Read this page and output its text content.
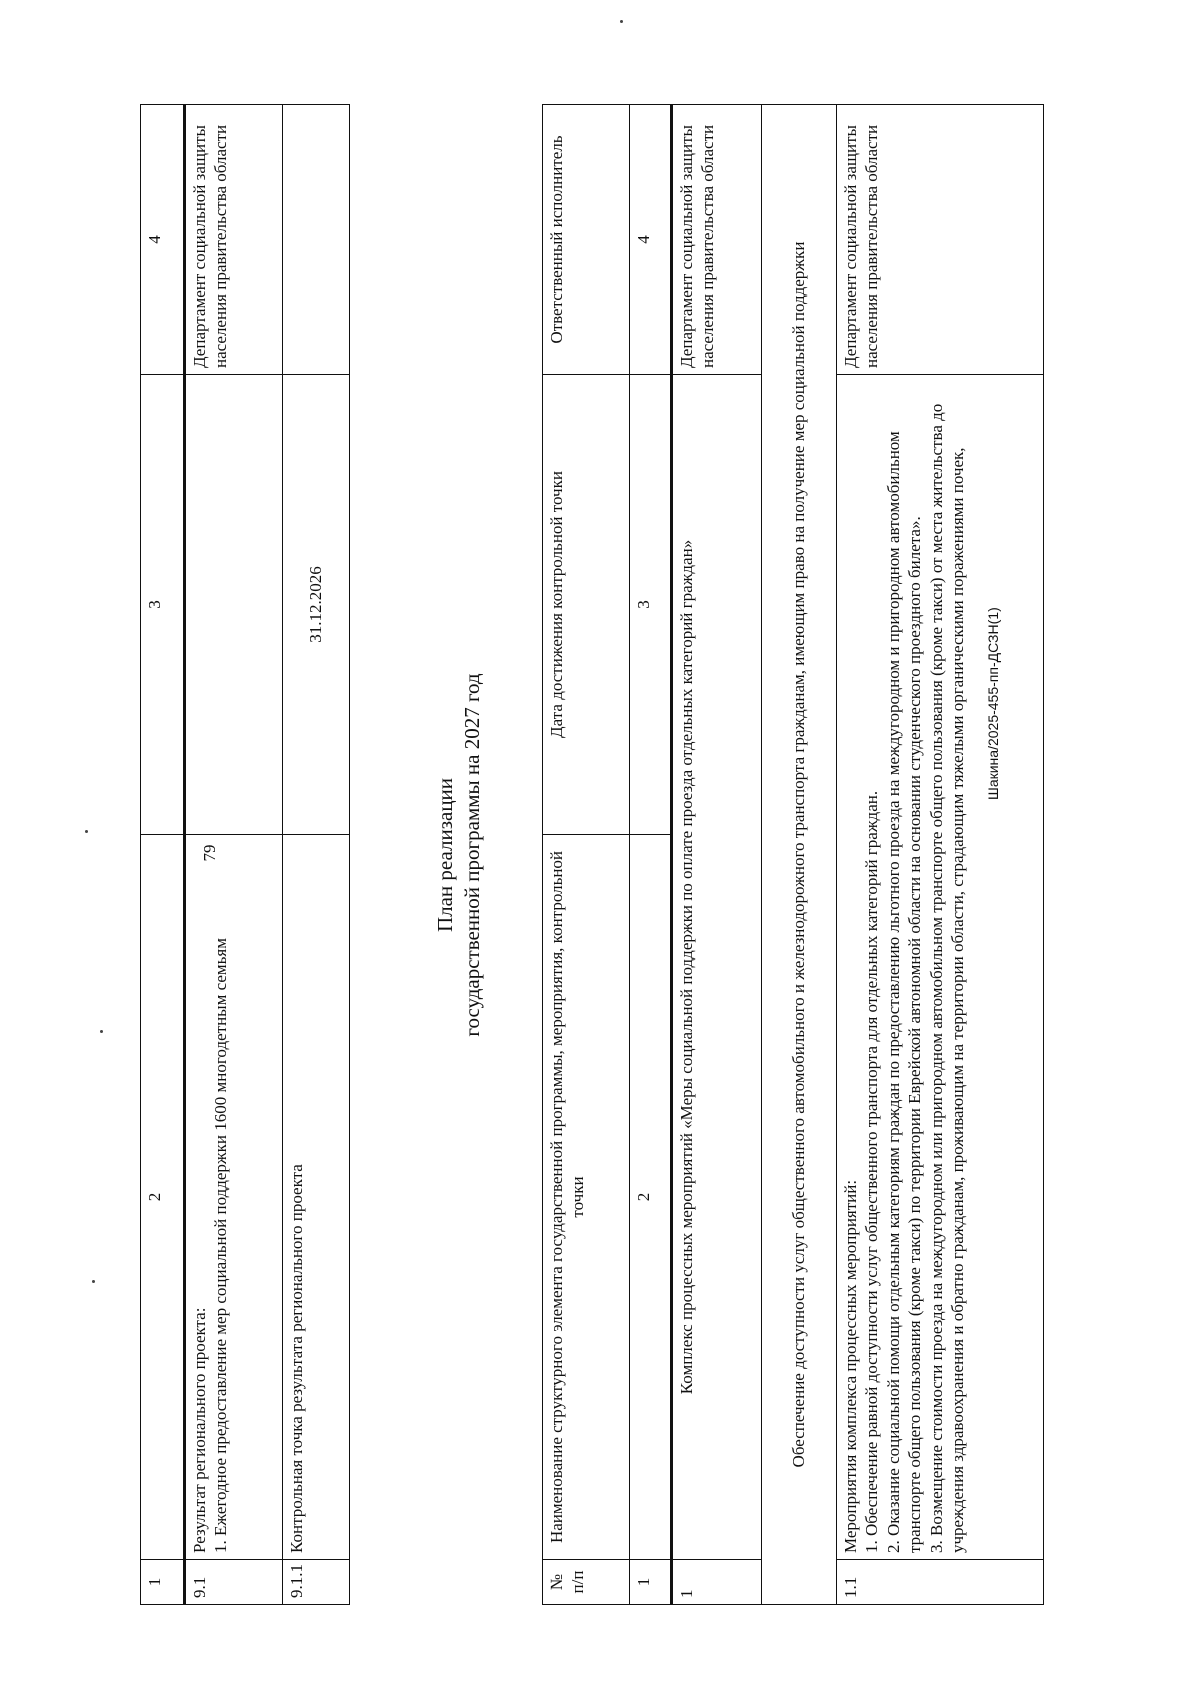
79
Шакина/2025-455-пп-ДСЗН(1)
1	2	3	4
9.1	Результат регионального проекта: 1. Ежегодное предоставление мер социальной поддержки 1600 многодетным семьям		Департамент социальной защиты населения правительства области
9.1.1	Контрольная точка результата регионального проекта	31.12.2026	
План реализации государственной программы на 2027 год
№ п/п	Наименование структурного элемента государственной программы, мероприятия, контрольной точки	Дата достижения контрольной точки	Ответственный исполнитель
1	2	3	4
1	Комплекс процессных мероприятий «Меры социальной поддержки по оплате проезда отдельных категорий граждан»		Департамент социальной защиты населения правительства области
Обеспечение доступности услуг общественного автомобильного и железнодорожного транспорта гражданам, имеющим право на получение мер социальной поддержки			
1.1	Мероприятия комплекса процессных мероприятий: 1. Обеспечение равной доступности услуг общественного транспорта для отдельных категорий граждан. 2. Оказание социальной помощи отдельным категориям граждан по предоставлению льготного проезда на междугородном и пригородном автомобильном транспорте общего пользования (кроме такси) по территории Еврейской автономной области на основании студенческого проездного билета». 3. Возмещение стоимости проезда на междугородном или пригородном автомобильном транспорте общего пользования (кроме такси) от места жительства до учреждения здравоохранения и обратно гражданам, проживающим на территории области, страдающим тяжелыми органическими поражениями почек,		Департамент социальной защиты населения правительства области
